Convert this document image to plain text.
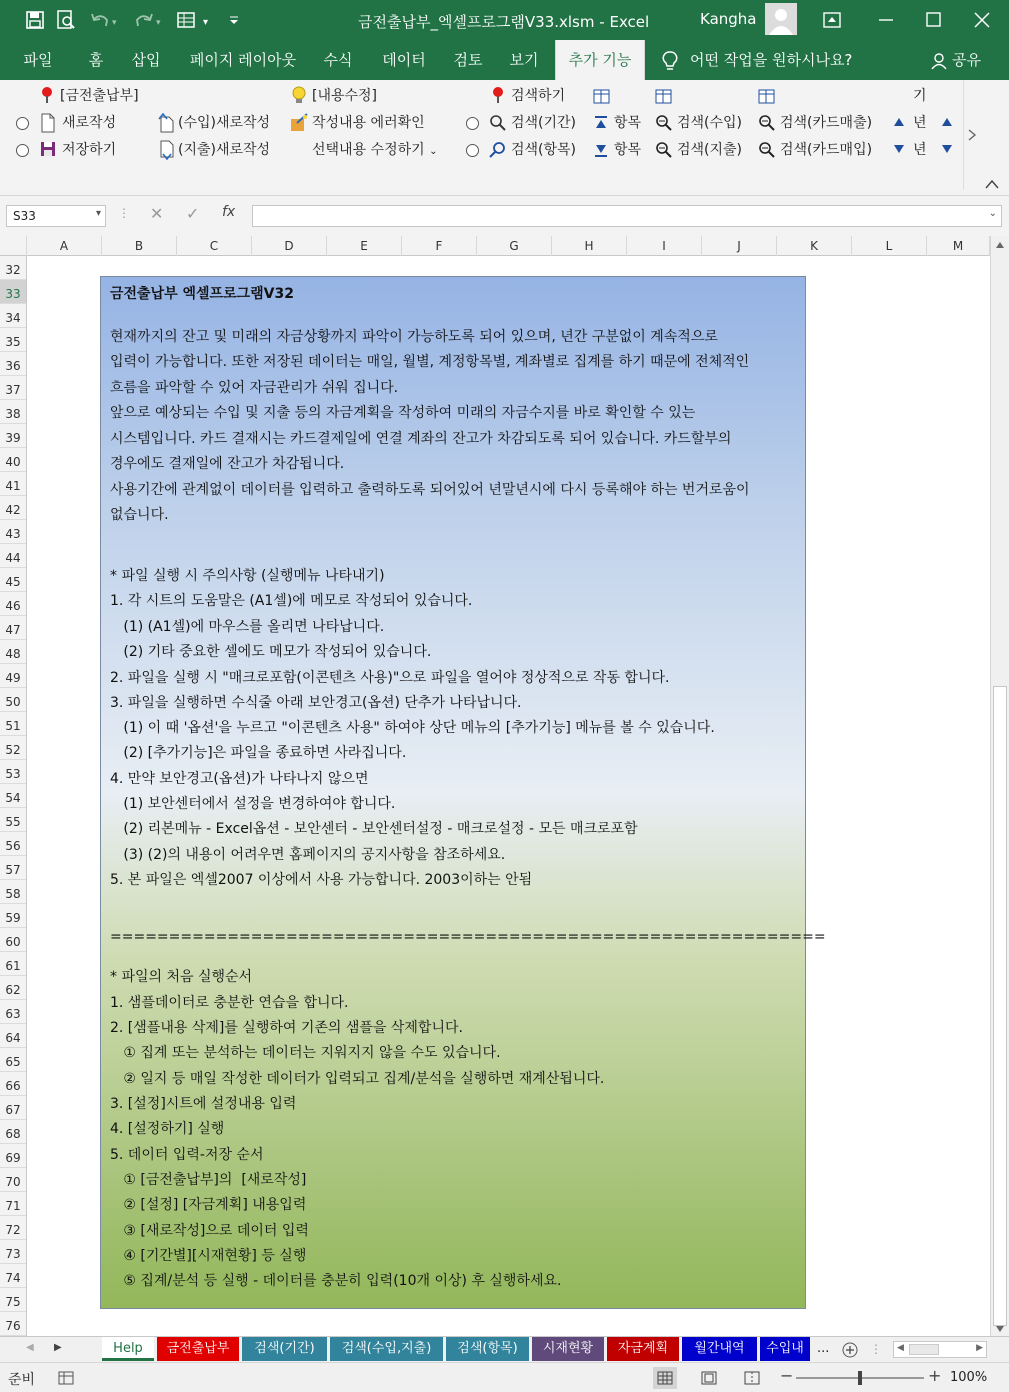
▾	▾	▾	금전출납부_엑셀프로그램V33.xlsm - Excel	Kangha
파일	홈	삽입	페이지 레이아웃	수식	데이터	검토	보기	추가 기능	어떤 작업을 원하시나요?	공유
[금전출납부]
새로작성
저장하기
(수입)새로작성
(지출)새로작성
[내용수정]
작성내용 에러확인
선택내용 수정하기 ⌄
검색하기
검색(기간)
검색(항목)
항목
항목
검색(수입)
검색(지출)
검색(카드매출)
검색(카드매입)
기
년
년
S33	▾ ⋮ ✕ ✓ fx	⌄
A	B	C	D	E	F	G	H	I	J	K	L	M
32
33
34
35
36
37
38
39
40
41
42
43
44
45
46
47
48
49
50
51
52
53
54
55
56
57
58
59
60
61
62
63
64
65
66
67
68
69
70
71
72
73
74
75
76
금전출납부 엑셀프로그램V32
현재까지의 잔고 및 미래의 자금상황까지 파악이 가능하도록 되어 있으며, 년간 구분없이 계속적으로
입력이 가능합니다. 또한 저장된 데이터는 매일, 월별, 계정항목별, 계좌별로 집계를 하기 때문에 전체적인
흐름을 파악할 수 있어 자금관리가 쉬워 집니다.
앞으로 예상되는 수입 및 지출 등의 자금계획을 작성하여 미래의 자금수지를 바로 확인할 수 있는
시스템입니다. 카드 결재시는 카드결제일에 연결 계좌의 잔고가 차감되도록 되어 있습니다. 카드할부의
경우에도 결재일에 잔고가 차감됩니다.
사용기간에 관계없이 데이터를 입력하고 출력하도록 되어있어 년말년시에 다시 등록해야 하는 번거로움이
없습니다.
* 파일 실행 시 주의사항 (실행메뉴 나타내기)
1. 각 시트의 도움말은 (A1셀)에 메모로 작성되어 있습니다.
(1) (A1셀)에 마우스를 올리면 나타납니다.
(2) 기타 중요한 셀에도 메모가 작성되어 있습니다.
2. 파일을 실행 시 "매크로포함(이콘텐츠 사용)"으로 파일을 열어야 정상적으로 작동 합니다.
3. 파일을 실행하면 수식줄 아래 보안경고(옵션) 단추가 나타납니다.
(1) 이 때 '옵션'을 누르고 "이콘텐츠 사용" 하여야 상단 메뉴의 [추가기능] 메뉴를 볼 수 있습니다.
(2) [추가기능]은 파일을 종료하면 사라집니다.
4. 만약 보안경고(옵션)가 나타나지 않으면
(1) 보안센터에서 설정을 변경하여야 합니다.
(2) 리본메뉴 - Excel옵션 - 보안센터 - 보안센터설정 - 매크로설정 - 모든 매크로포함
(3) (2)의 내용이 어려우면 홈페이지의 공지사항을 참조하세요.
5. 본 파일은 엑셀2007 이상에서 사용 가능합니다. 2003이하는 안됨
=============================================================
* 파일의 처음 실행순서
1. 샘플데이터로 충분한 연습을 합니다.
2. [샘플내용 삭제]를 실행하여 기존의 샘플을 삭제합니다.
① 집계 또는 분석하는 데이터는 지워지지 않을 수도 있습니다.
② 일지 등 매일 작성한 데이터가 입력되고 집계/분석을 실행하면 재계산됩니다.
3. [설정]시트에 설정내용 입력
4. [설정하기] 실행
5. 데이터 입력-저장 순서
① [금전출납부]의  [새로작성]
② [설정] [자금계획] 내용입력
③ [새로작성]으로 데이터 입력
④ [기간별][시재현황] 등 실행
⑤ 집계/분석 등 실행 - 데이터를 충분히 입력(10개 이상) 후 실행하세요.
◀ ▶	Help	금전출납부	검색(기간)	검색(수입,지출)	검색(항목)	시재현황	자금계획	월간내역	수입내	...	⋮ ◀	▶
준비	−	+ 100%
